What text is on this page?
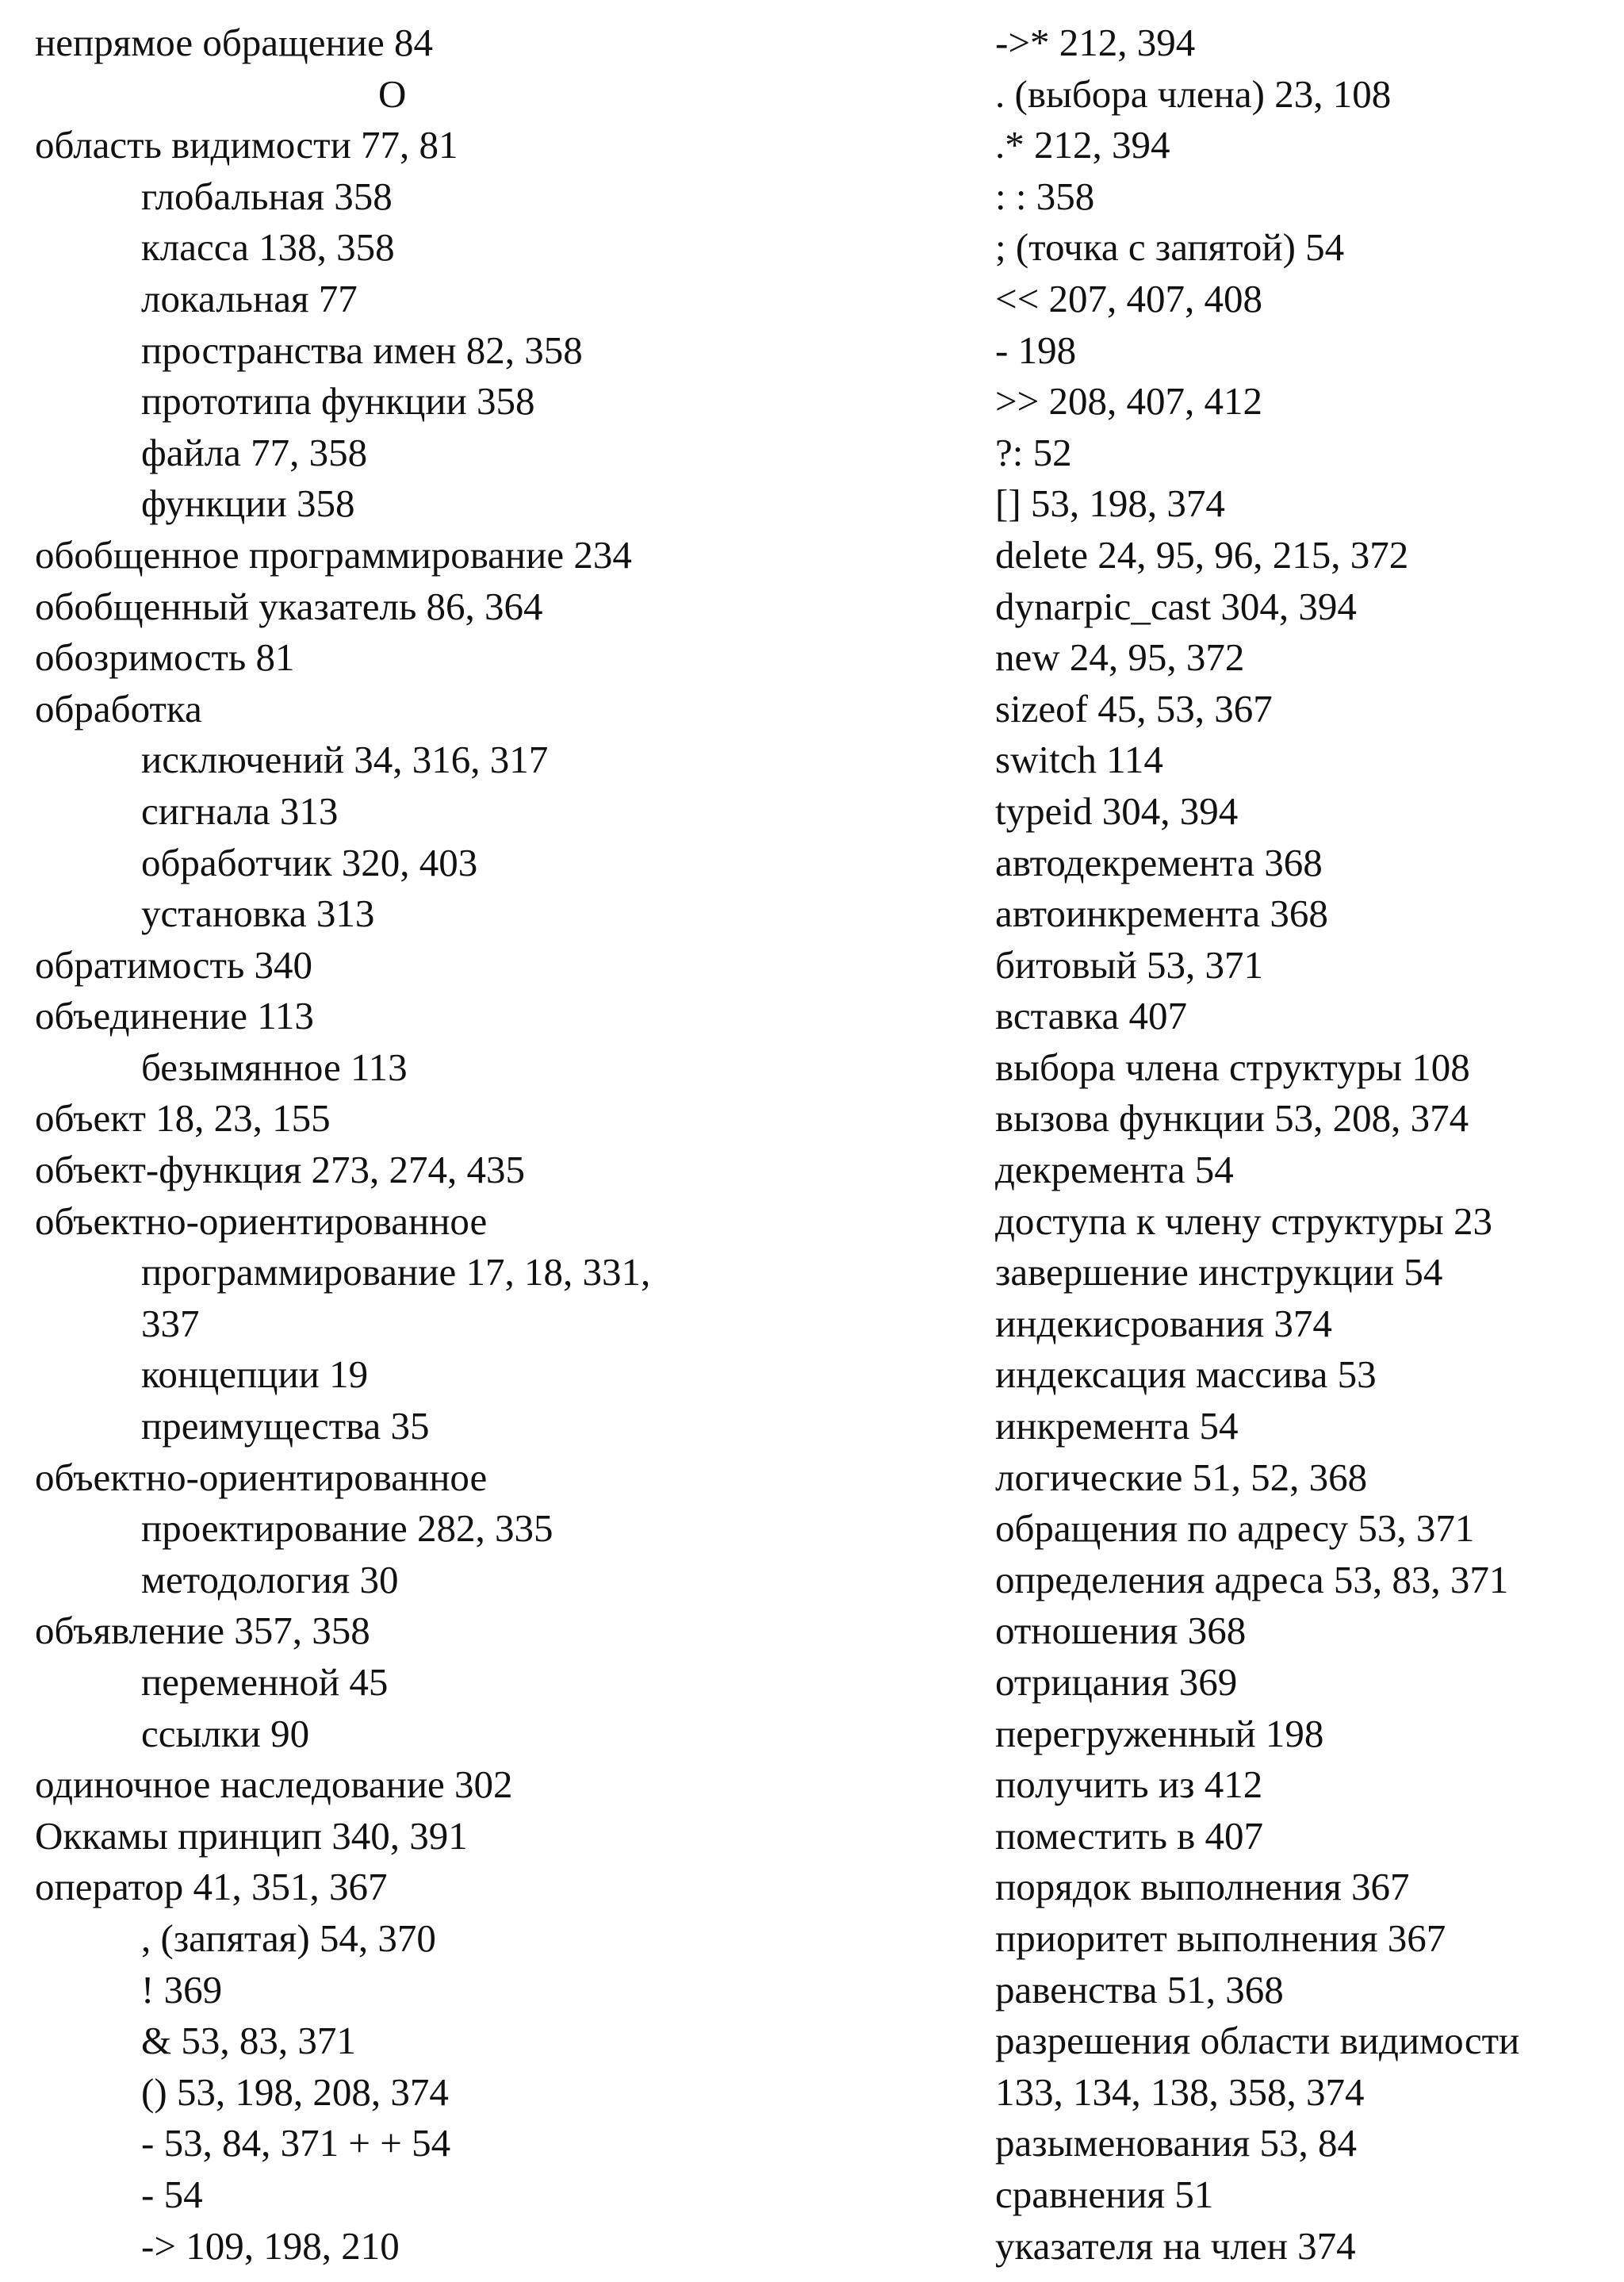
непрямое обращение 84
О
область видимости 77, 81
глобальная 358
класса 138, 358
локальная 77
пространства имен 82, 358
прототипа функции 358
файла 77, 358
функции 358
обобщенное программирование 234
обобщенный указатель 86, 364
обозримость 81
обработка
исключений 34, 316, 317
сигнала 313
обработчик 320, 403
установка 313
обратимость 340
объединение 113
безымянное 113
объект 18, 23, 155
объект-функция 273, 274, 435
объектно-ориентированное
программирование 17, 18, 331,
337
концепции 19
преимущества 35
объектно-ориентированное
проектирование 282, 335
методология 30
объявление 357, 358
переменной 45
ссылки 90
одиночное наследование 302
Оккамы принцип 340, 391
оператор 41, 351, 367
, (запятая) 54, 370
! 369
& 53, 83, 371
() 53, 198, 208, 374
- 53, 84, 371 + + 54
- 54
-> 109, 198, 210
->* 212, 394
. (выбора члена) 23, 108
.* 212, 394
: : 358
; (точка с запятой) 54
<< 207, 407, 408
- 198
>> 208, 407, 412
?: 52
[] 53, 198, 374
delete 24, 95, 96, 215, 372
dynarpic_cast 304, 394
new 24, 95, 372
sizeof 45, 53, 367
switch 114
typeid 304, 394
автодекремента 368
автоинкремента 368
битовый 53, 371
вставка 407
выбора члена структуры 108
вызова функции 53, 208, 374
декремента 54
доступа к члену структуры 23
завершение инструкции 54
индекисрования 374
индексация массива 53
инкремента 54
логические 51, 52, 368
обращения по адресу 53, 371
определения адреса 53, 83, 371
отношения 368
отрицания 369
перегруженный 198
получить из 412
поместить в 407
порядок выполнения 367
приоритет выполнения 367
равенства 51, 368
разрешения области видимости
133, 134, 138, 358, 374
разыменования 53, 84
сравнения 51
указателя на член 374
